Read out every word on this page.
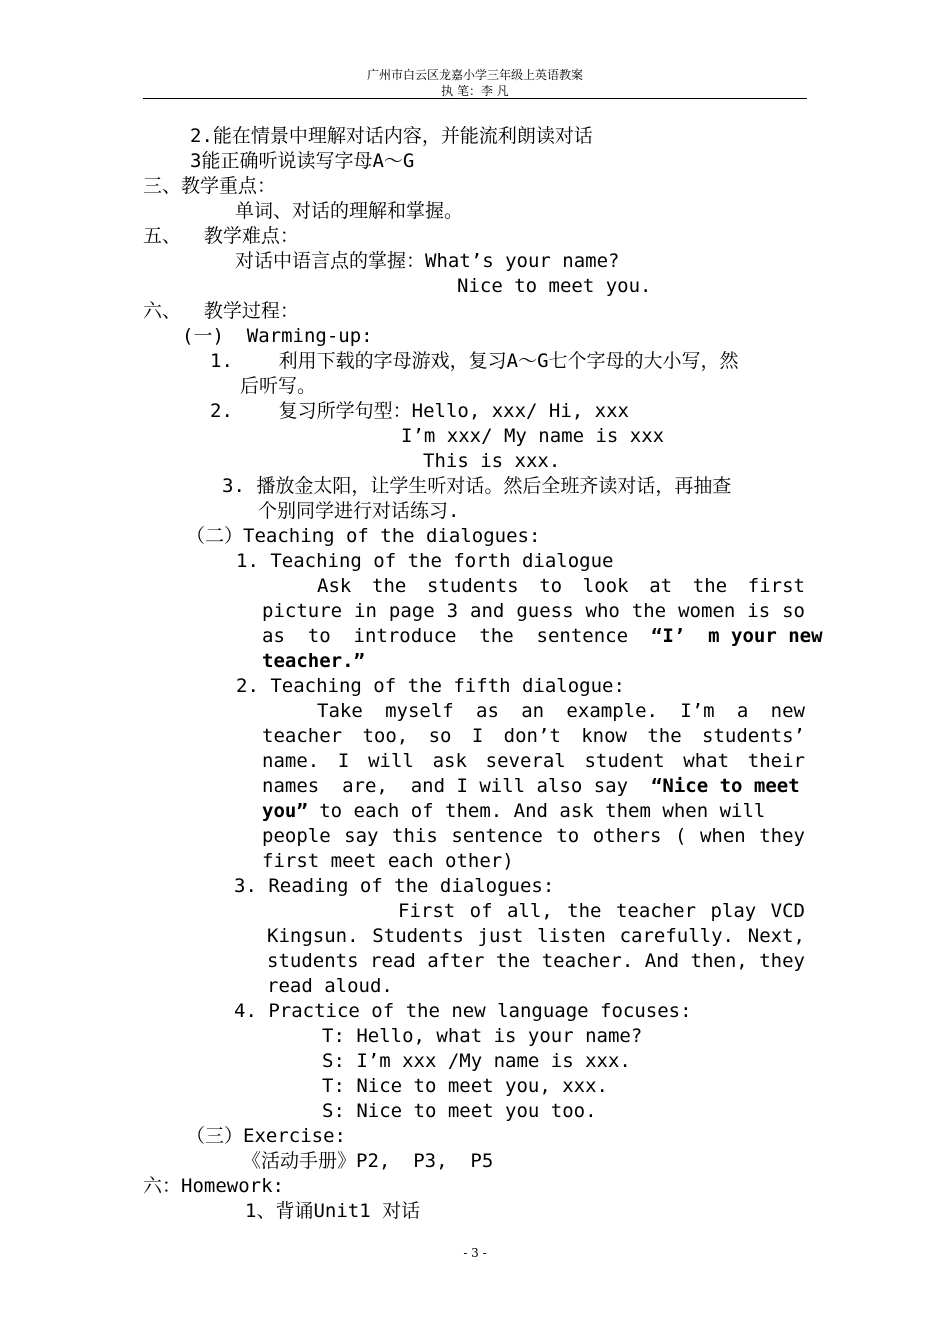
广州市白云区龙嘉小学三年级上英语教案
执 笔：李 凡
2.能在情景中理解对话内容，并能流利朗读对话
3能正确听说读写字母A～G
三、教学重点：
单词、对话的理解和掌握。
五、  教学难点：
对话中语言点的掌握：What’s your name?
Nice to meet you.
六、  教学过程：
(一)  Warming-up:
1.    利用下载的字母游戏，复习A～G七个字母的大小写，然
后听写。
2.    复习所学句型：Hello, xxx/ Hi, xxx
I’m xxx/ My name is xxx
This is xxx.
3. 播放金太阳，让学生听对话。然后全班齐读对话，再抽查
个别同学进行对话练习.
（二）Teaching of the dialogues:
1. Teaching of the forth dialogue
Ask the students to look at the first
picture in page 3 and guess who the women is so
as  to  introduce  the  sentence  “I’  m your new
teacher.”
2. Teaching of the fifth dialogue:
Take myself as an example. I’m a new
teacher too, so I don’t know the students’
name. I will ask several student what their
names  are,  and I will also say  “Nice to meet
you” to each of them. And ask them when will
people say this sentence to others ( when they
first meet each other)
3. Reading of the dialogues:
First of all, the teacher play VCD
Kingsun. Students just listen carefully. Next,
students read after the teacher. And then, they
read aloud.
4. Practice of the new language focuses:
T: Hello, what is your name?
S: I’m xxx /My name is xxx.
T: Nice to meet you, xxx.
S: Nice to meet you too.
（三）Exercise:
《活动手册》P2,  P3,  P5
六：Homework:
1、背诵Unit1 对话
- 3 -
